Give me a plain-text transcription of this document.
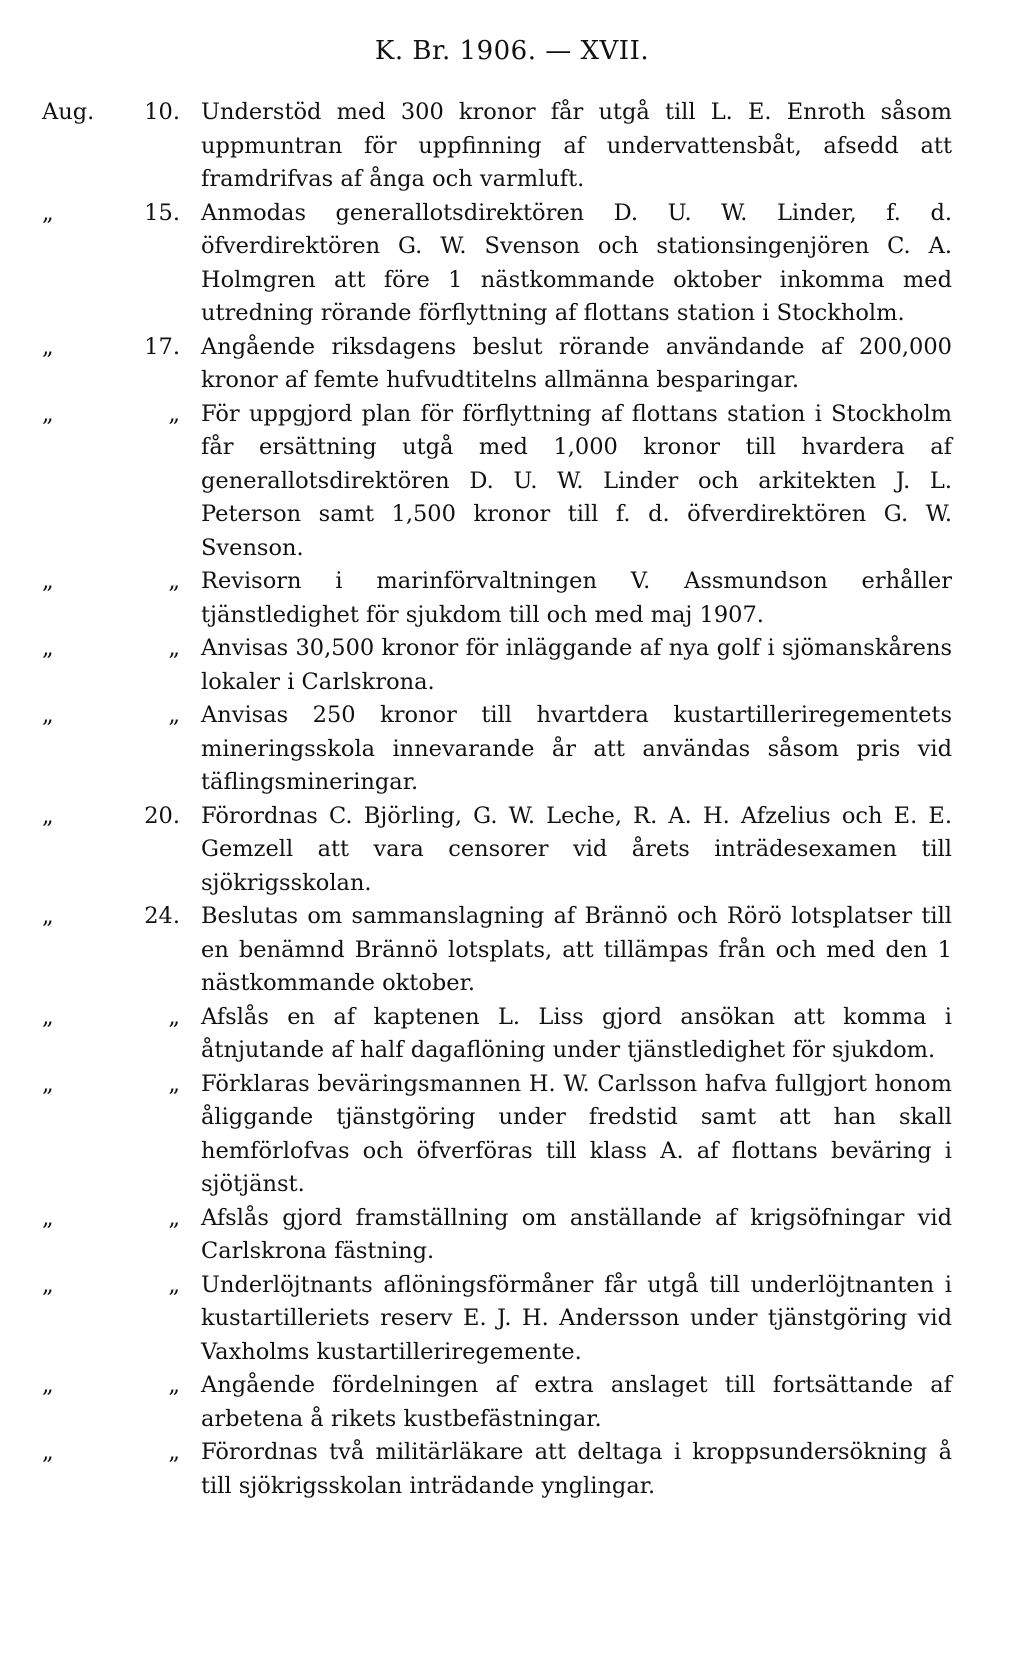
K. Br. 1906. — XVII.
Aug.	10. Understöd med 300 kronor får utgå till L. E. Enroth såsom uppmuntran för uppfinning af undervattensbåt, afsedd att framdrifvas af ånga och varmluft.
„	15. Anmodas generallotsdirektören D. U. W. Linder, f. d. öfverdirektören G. W. Svenson och stationsingenjören C. A. Holmgren att före 1 nästkommande oktober inkomma med utredning rörande förflyttning af flottans station i Stockholm.
„	17. Angående riksdagens beslut rörande användande af 200,000 kronor af femte hufvudtitelns allmänna besparingar.
„	„ För uppgjord plan för förflyttning af flottans station i Stockholm får ersättning utgå med 1,000 kronor till hvardera af generallotsdirektören D. U. W. Linder och arkitekten J. L. Peterson samt 1,500 kronor till f. d. öfverdirektören G. W. Svenson.
„	„ Revisorn i marinförvaltningen V. Assmundson erhåller tjänstledighet för sjukdom till och med maj 1907.
„	„ Anvisas 30,500 kronor för inläggande af nya golf i sjömanskårens lokaler i Carlskrona.
„	„ Anvisas 250 kronor till hvartdera kustartilleriregementets mineringsskola innevarande år att användas såsom pris vid täflingsmineringar.
„	20. Förordnas C. Björling, G. W. Leche, R. A. H. Afzelius och E. E. Gemzell att vara censorer vid årets inträdesexamen till sjökrigsskolan.
„	24. Beslutas om sammanslagning af Brännö och Rörö lotsplatser till en benämnd Brännö lotsplats, att tillämpas från och med den 1 nästkommande oktober.
„	„ Afslås en af kaptenen L. Liss gjord ansökan att komma i åtnjutande af half dagaflöning under tjänstledighet för sjukdom.
„	„ Förklaras beväringsmannen H. W. Carlsson hafva fullgjort honom åliggande tjänstgöring under fredstid samt att han skall hemförlofvas och öfverföras till klass A. af flottans beväring i sjötjänst.
„	„ Afslås gjord framställning om anställande af krigsöfningar vid Carlskrona fästning.
„	„ Underlöjtnants aflöningsförmåner får utgå till underlöjtnanten i kustartilleriets reserv E. J. H. Andersson under tjänstgöring vid Vaxholms kustartilleriregemente.
„	„ Angående fördelningen af extra anslaget till fortsättande af arbetena å rikets kustbefästningar.
„	„ Förordnas två militärläkare att deltaga i kroppsundersökning å till sjökrigsskolan inträdande ynglingar.
